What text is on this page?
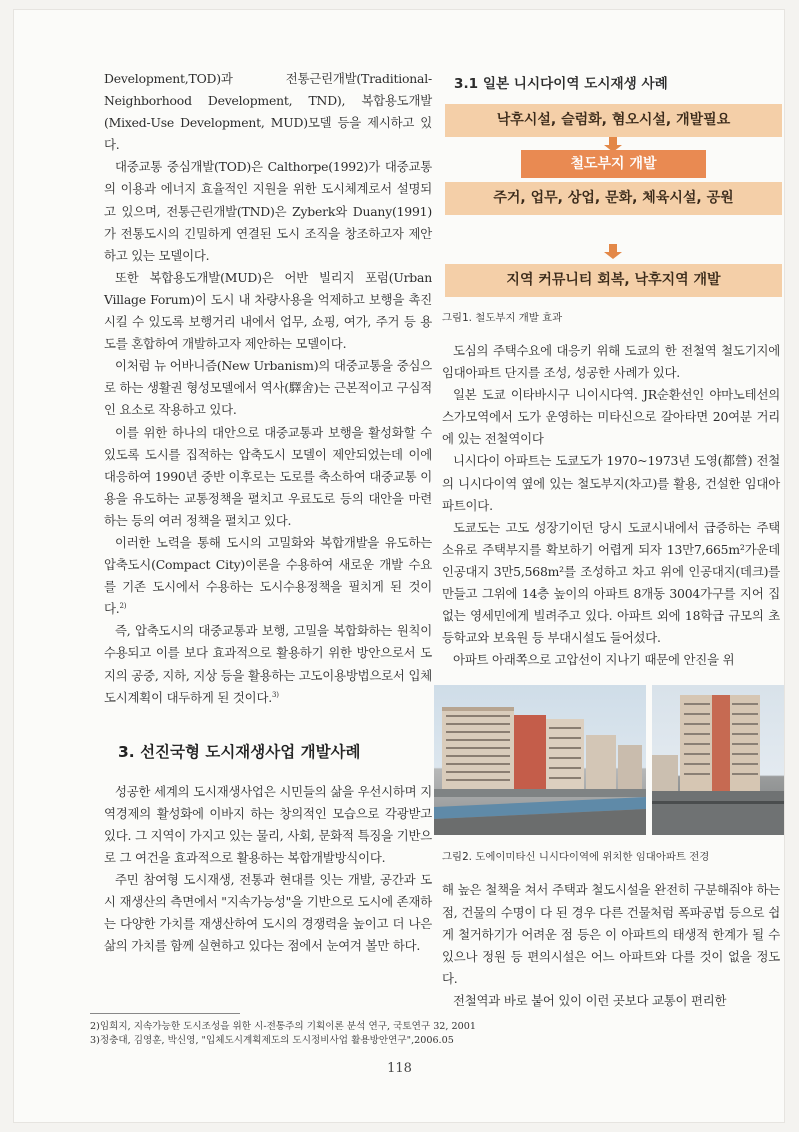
Development,TOD)과 전통근린개발(Traditional-Neighborhood Development, TND), 복합용도개발(Mixed-Use Development, MUD)모델 등을 제시하고 있다.

대중교통 중심개발(TOD)은 Calthorpe(1992)가 대중교통의 이용과 에너지 효율적인 지원을 위한 도시체계로서 설명되고 있으며, 전통근린개발(TND)은 Zyberk와 Duany(1991)가 전통도시의 긴밀하게 연결된 도시 조직을 창조하고자 제안하고 있는 모델이다.

또한 복합용도개발(MUD)은 어반 빌리지 포럼(Urban Village Forum)이 도시 내 차량사용을 억제하고 보행을 촉진시킬 수 있도록 보행거리 내에서 업무, 쇼핑, 여가, 주거 등 용도를 혼합하여 개발하고자 제안하는 모델이다.

이처럼 뉴 어바니즘(New Urbanism)의 대중교통을 중심으로 하는 생활권 형성모델에서 역사(驛舍)는 근본적이고 구심적인 요소로 작용하고 있다.

이를 위한 하나의 대안으로 대중교통과 보행을 활성화할 수 있도록 도시를 집적하는 압축도시 모델이 제안되었는데 이에 대응하여 1990년 중반 이후로는 도로를 축소하여 대중교통 이용을 유도하는 교통정책을 펼치고 우료도로 등의 대안을 마련하는 등의 여러 정책을 펼치고 있다.

이러한 노력을 통해 도시의 고밀화와 복합개발을 유도하는 압축도시(Compact City)이론을 수용하여 새로운 개발 수요를 기존 도시에서 수용하는 도시수용정책을 필치게 된 것이다.$^{2)}$

즉, 압축도시의 대중교통과 보행, 고밀을 복합화하는 원칙이 수용되고 이를 보다 효과적으로 활용하기 위한 방안으로서 도지의 공중, 지하, 지상 등을 활용하는 고도이용방법으로서 입체 도시계획이 대두하게 된 것이다.$^{3)}$

3. 선진국형 도시재생사업 개발사례

성공한 세계의 도시재생사업은 시민들의 삶을 우선시하며 지역경제의 활성화에 이바지 하는 창의적인 모습으로 각광받고 있다. 그 지역이 가지고 있는 물리, 사회, 문화적 특징을 기반으로 그 여건을 효과적으로 활용하는 복합개발방식이다.

주민 참여형 도시재생, 전통과 현대를 잇는 개발, 공간과 도시 재생산의 측면에서 "지속가능성"을 기반으로 도시에 존재하는 다양한 가치를 재생산하여 도시의 경쟁력을 높이고 더 나은 삶의 가치를 함께 실현하고 있다는 점에서 눈여겨 볼만 하다.

3.1 일본 니시다이역 도시재생 사례
낙후시설, 슬럼화, 혐오시설, 개발필요
철도부지 개발
주거, 업무, 상업, 문화, 체육시설, 공원
지역 커뮤니티 회복, 낙후지역 개발
그림1. 철도부지 개발 효과

도심의 주택수요에 대응키 위해 도쿄의 한 전철역 철도기지에 임대아파트 단지를 조성, 성공한 사례가 있다.

일본 도쿄 이타바시구 니이시다역. JR순환선인 야마노테선의 스가모역에서 도가 운영하는 미타신으로 갈아타면 20여분 거리에 있는 전철역이다

니시다이 아파트는 도쿄도가 1970~1973년 도영(都營) 전철의 니시다이역 옆에 있는 철도부지(차고)를 활용, 건설한 임대아파트이다.

도쿄도는 고도 성장기이던 당시 도쿄시내에서 급증하는 주택소유로 주택부지를 확보하기 어렵게 되자 13만7,665m²가운데 인공대지 3만5,568m²를 조성하고 차고 위에 인공대지(데크)를 만들고 그위에 14층 높이의 아파트 8개동 3004가구를 지어 집없는 영세민에게 빌려주고 있다. 아파트 외에 18학급 규모의 초등학교와 보육원 등 부대시설도 들어섰다.

아파트 아래쪽으로 고압선이 지나기 때문에 안진을 위

그림2. 도에이미타신 니시다이역에 위치한 임대아파트 전경

해 높은 철책을 쳐서 주택과 철도시설을 완전히 구분해줘야 하는 점, 건물의 수명이 다 된 경우 다른 건물처럼 폭파공법 등으로 쉽게 철거하기가 어려운 점 등은 이 아파트의 태생적 한계가 될 수 있으나 정원 등 편의시설은 어느 아파트와 다를 것이 없을 정도다.

전철역과 바로 붙어 있이 이런 곳보다 교통이 편리한

2)임희지, 지속가능한 도시조성을 위한 시-전통주의 기획이론 분석 연구, 국토연구 32, 2001
3)정충대, 김영훈, 박신영, "입체도시계획제도의 도시정비사업 활용방안연구",2006.05
118
